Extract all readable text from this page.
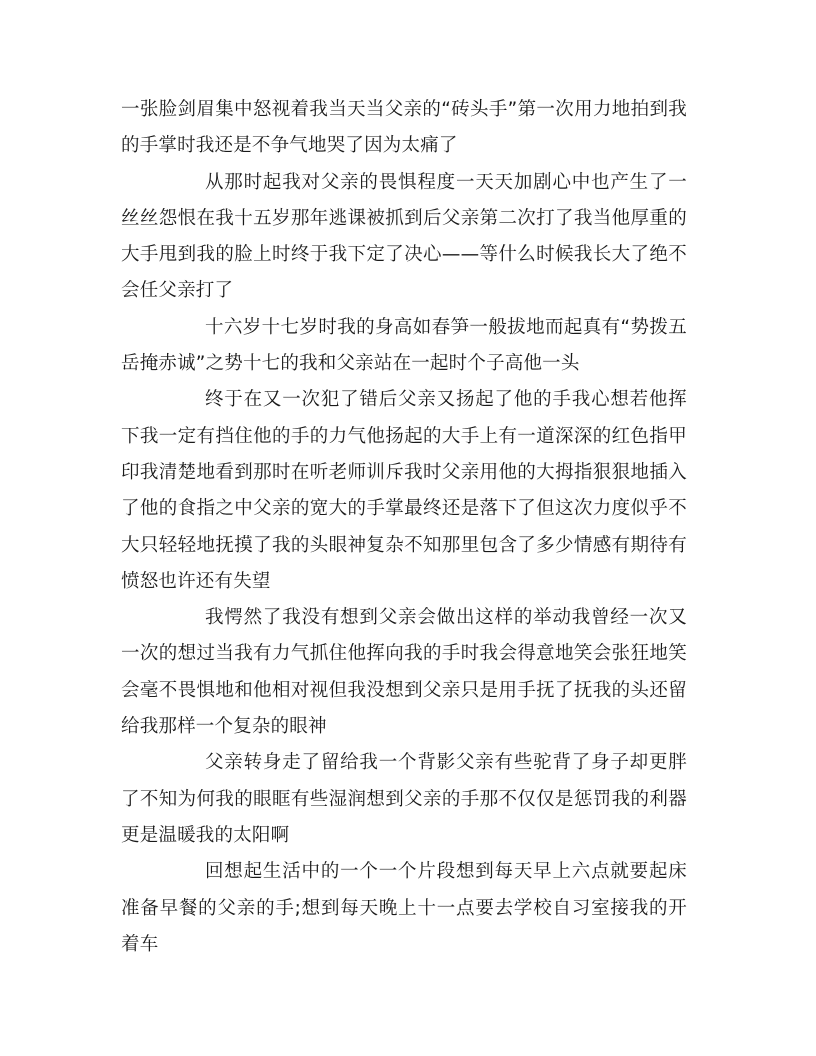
一张脸剑眉集中怒视着我当天当父亲的“砖头手”第一次用力地拍到我的手掌时我还是不争气地哭了因为太痛了

从那时起我对父亲的畏惧程度一天天加剧心中也产生了一丝丝怨恨在我十五岁那年逃课被抓到后父亲第二次打了我当他厚重的大手甩到我的脸上时终于我下定了决心——等什么时候我长大了绝不会任父亲打了

十六岁十七岁时我的身高如春笋一般拔地而起真有“势拨五岳掩赤诚”之势十七的我和父亲站在一起时个子高他一头

终于在又一次犯了错后父亲又扬起了他的手我心想若他挥下我一定有挡住他的手的力气他扬起的大手上有一道深深的红色指甲印我清楚地看到那时在听老师训斥我时父亲用他的大拇指狠狠地插入了他的食指之中父亲的宽大的手掌最终还是落下了但这次力度似乎不大只轻轻地抚摸了我的头眼神复杂不知那里包含了多少情感有期待有愤怒也许还有失望

我愕然了我没有想到父亲会做出这样的举动我曾经一次又一次的想过当我有力气抓住他挥向我的手时我会得意地笑会张狂地笑会毫不畏惧地和他相对视但我没想到父亲只是用手抚了抚我的头还留给我那样一个复杂的眼神

父亲转身走了留给我一个背影父亲有些驼背了身子却更胖了不知为何我的眼眶有些湿润想到父亲的手那不仅仅是惩罚我的利器更是温暖我的太阳啊

回想起生活中的一个一个片段想到每天早上六点就要起床准备早餐的父亲的手;想到每天晚上十一点要去学校自习室接我的开着车
